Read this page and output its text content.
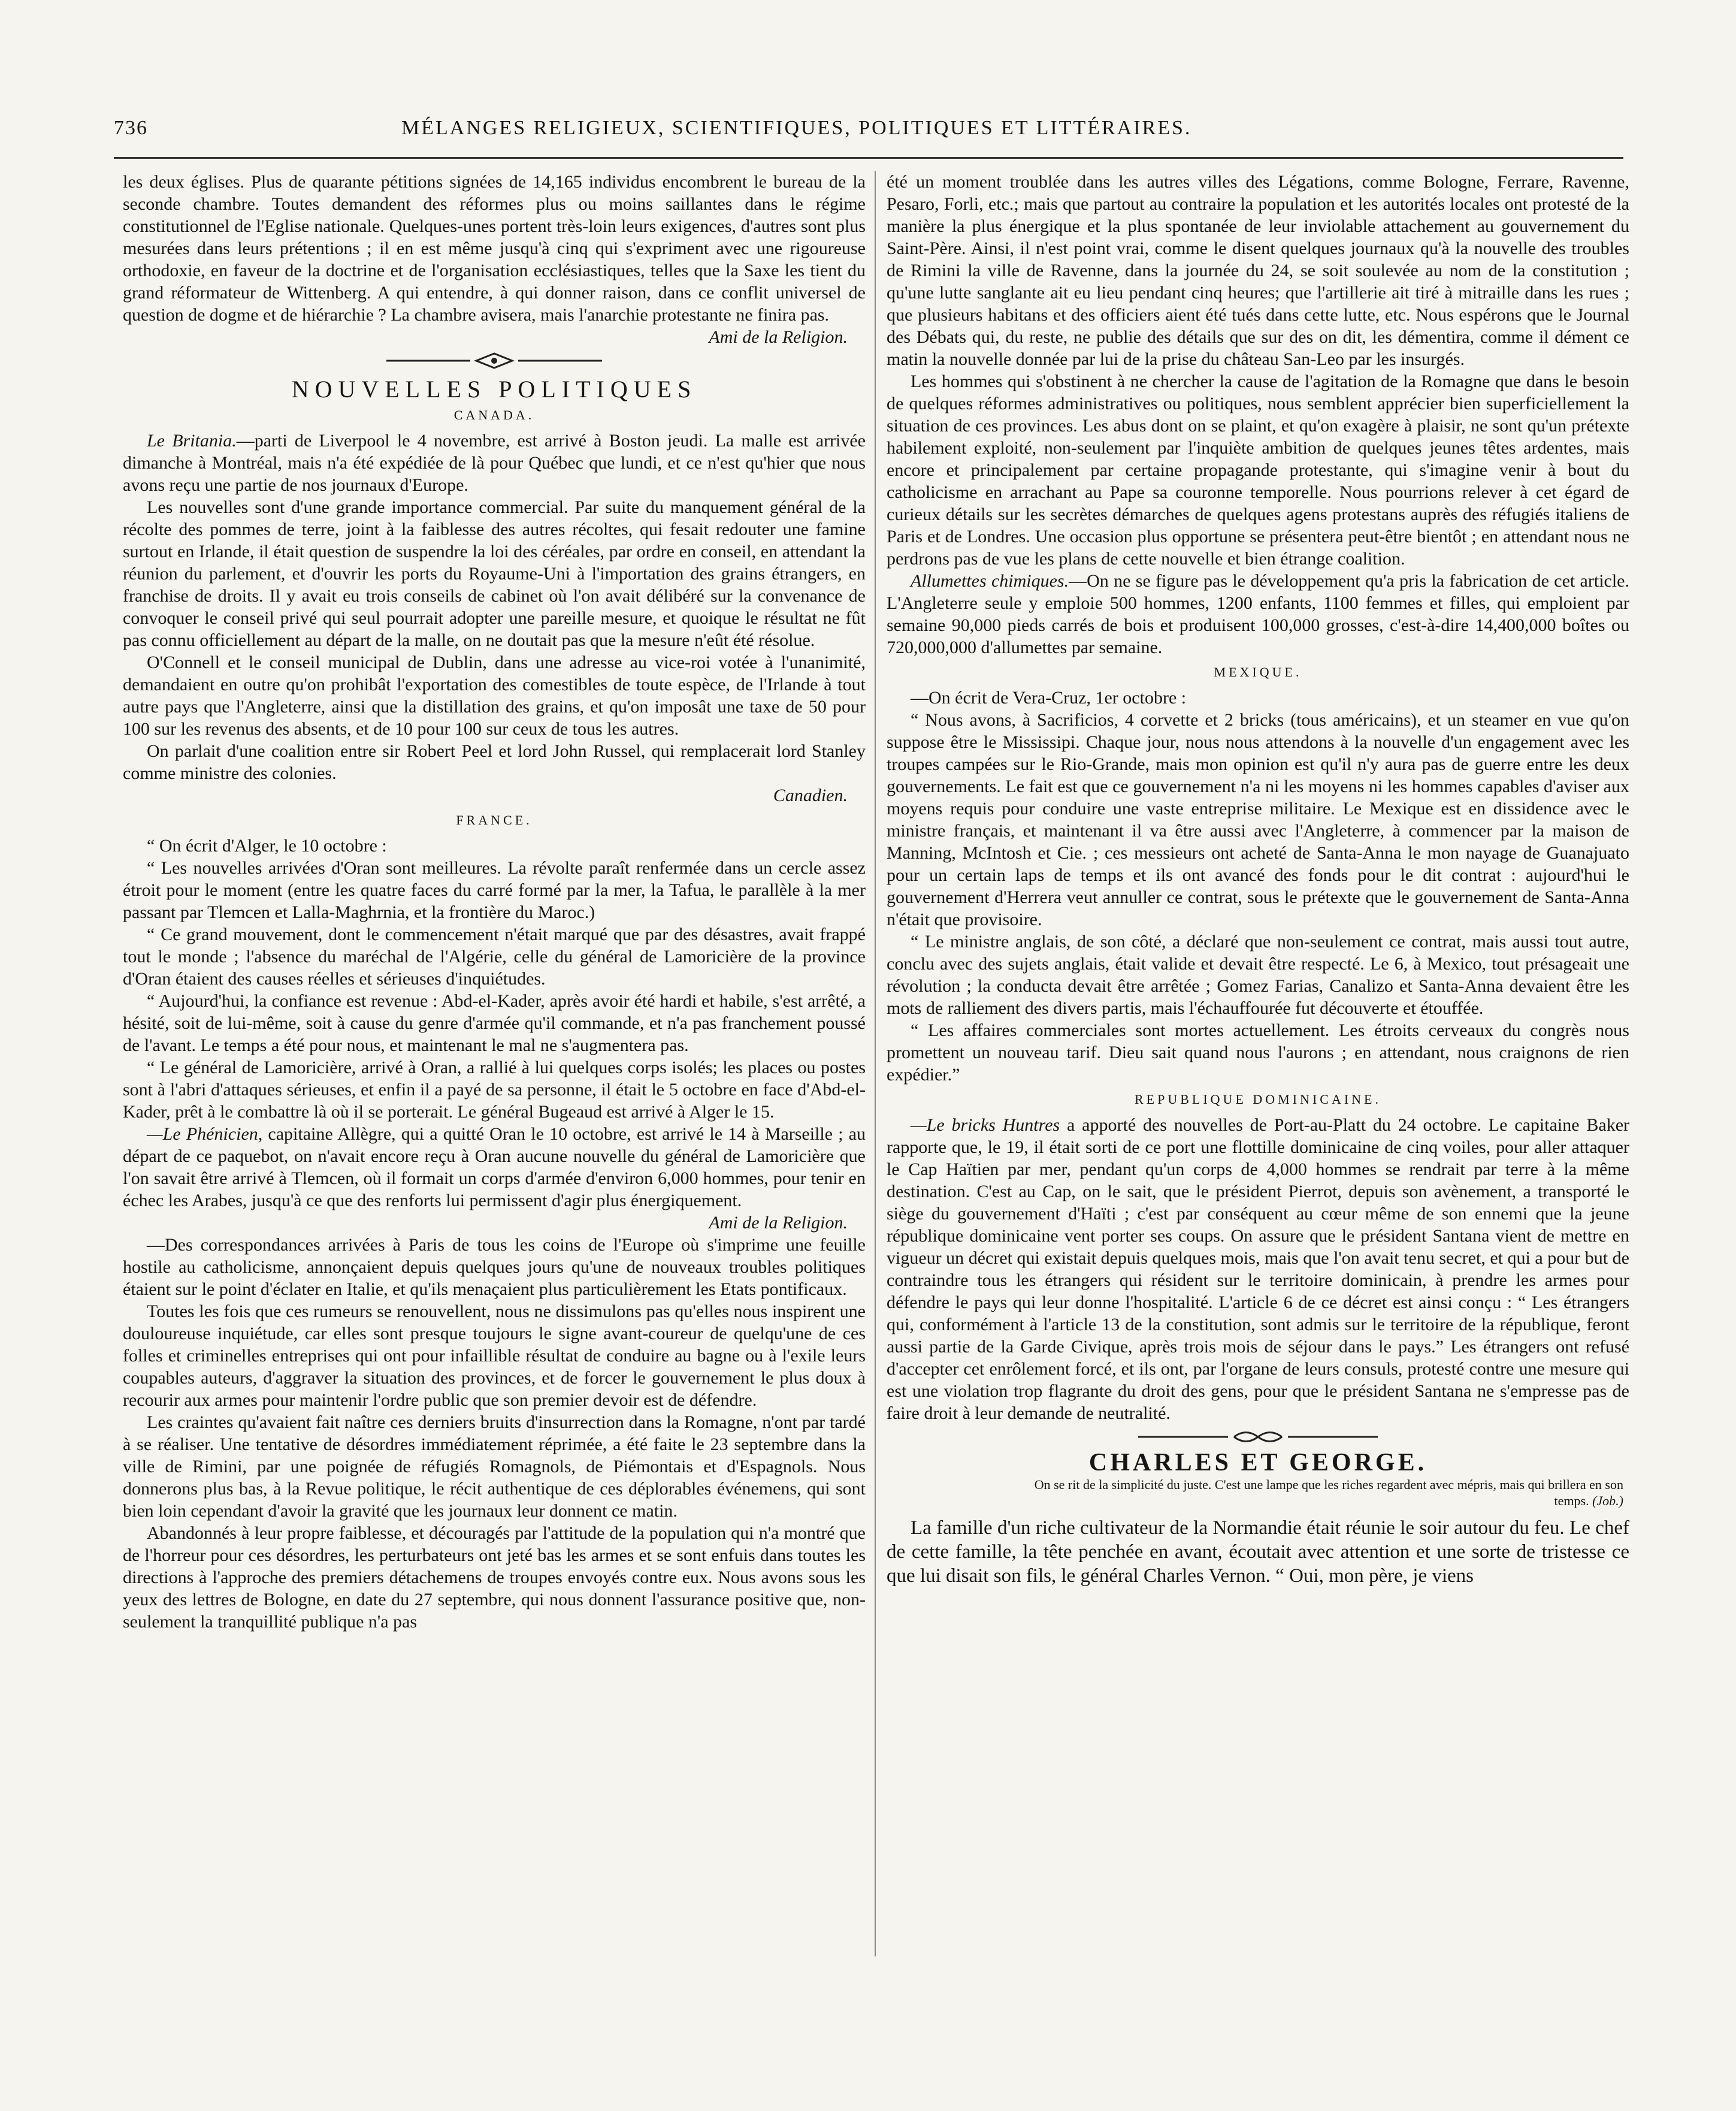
736	MÉLANGES RELIGIEUX, SCIENTIFIQUES, POLITIQUES ET LITTÉRAIRES.

les deux églises. Plus de quarante pétitions signées de 14,165 individus encombrent le bureau de la seconde chambre. Toutes demandent des réformes plus ou moins saillantes dans le régime constitutionnel de l'Eglise nationale. Quelques-unes portent très-loin leurs exigences, d'autres sont plus mesurées dans leurs prétentions ; il en est même jusqu'à cinq qui s'expriment avec une rigoureuse orthodoxie, en faveur de la doctrine et de l'organisation ecclésiastiques, telles que la Saxe les tient du grand réformateur de Wittenberg. A qui entendre, à qui donner raison, dans ce conflit universel de question de dogme et de hiérarchie ? La chambre avisera, mais l'anarchie protestante ne finira pas.
Ami de la Religion.

NOUVELLES POLITIQUES
CANADA.

Le Britania.—parti de Liverpool le 4 novembre, est arrivé à Boston jeudi. La malle est arrivée dimanche à Montréal, mais n'a été expédiée de là pour Québec que lundi, et ce n'est qu'hier que nous avons reçu une partie de nos journaux d'Europe.

Les nouvelles sont d'une grande importance commercial. Par suite du manquement général de la récolte des pommes de terre, joint à la faiblesse des autres récoltes, qui fesait redouter une famine surtout en Irlande, il était question de suspendre la loi des céréales, par ordre en conseil, en attendant la réunion du parlement, et d'ouvrir les ports du Royaume-Uni à l'importation des grains étrangers, en franchise de droits. Il y avait eu trois conseils de cabinet où l'on avait délibéré sur la convenance de convoquer le conseil privé qui seul pourrait adopter une pareille mesure, et quoique le résultat ne fût pas connu officiellement au départ de la malle, on ne doutait pas que la mesure n'eût été résolue.

O'Connell et le conseil municipal de Dublin, dans une adresse au vice-roi votée à l'unanimité, demandaient en outre qu'on prohibât l'exportation des comestibles de toute espèce, de l'Irlande à tout autre pays que l'Angleterre, ainsi que la distillation des grains, et qu'on imposât une taxe de 50 pour 100 sur les revenus des absents, et de 10 pour 100 sur ceux de tous les autres.

On parlait d'une coalition entre sir Robert Peel et lord John Russel, qui remplacerait lord Stanley comme ministre des colonies.
Canadien.

FRANCE.

“ On écrit d'Alger, le 10 octobre :

“ Les nouvelles arrivées d'Oran sont meilleures. La révolte paraît renfermée dans un cercle assez étroit pour le moment (entre les quatre faces du carré formé par la mer, la Tafua, le parallèle à la mer passant par Tlemcen et Lalla-Maghrnia, et la frontière du Maroc.)

“ Ce grand mouvement, dont le commencement n'était marqué que par des désastres, avait frappé tout le monde ; l'absence du maréchal de l'Algérie, celle du général de Lamoricière de la province d'Oran étaient des causes réelles et sérieuses d'inquiétudes.

“ Aujourd'hui, la confiance est revenue : Abd-el-Kader, après avoir été hardi et habile, s'est arrêté, a hésité, soit de lui-même, soit à cause du genre d'armée qu'il commande, et n'a pas franchement poussé de l'avant. Le temps a été pour nous, et maintenant le mal ne s'augmentera pas.

“ Le général de Lamoricière, arrivé à Oran, a rallié à lui quelques corps isolés; les places ou postes sont à l'abri d'attaques sérieuses, et enfin il a payé de sa personne, il était le 5 octobre en face d'Abd-el-Kader, prêt à le combattre là où il se porterait. Le général Bugeaud est arrivé à Alger le 15.

—Le Phénicien, capitaine Allègre, qui a quitté Oran le 10 octobre, est arrivé le 14 à Marseille ; au départ de ce paquebot, on n'avait encore reçu à Oran aucune nouvelle du général de Lamoricière que l'on savait être arrivé à Tlemcen, où il formait un corps d'armée d'environ 6,000 hommes, pour tenir en échec les Arabes, jusqu'à ce que des renforts lui permissent d'agir plus énergiquement.
Ami de la Religion.

—Des correspondances arrivées à Paris de tous les coins de l'Europe où s'imprime une feuille hostile au catholicisme, annonçaient depuis quelques jours qu'une de nouveaux troubles politiques étaient sur le point d'éclater en Italie, et qu'ils menaçaient plus particulièrement les Etats pontificaux.

Toutes les fois que ces rumeurs se renouvellent, nous ne dissimulons pas qu'elles nous inspirent une douloureuse inquiétude, car elles sont presque toujours le signe avant-coureur de quelqu'une de ces folles et criminelles entreprises qui ont pour infaillible résultat de conduire au bagne ou à l'exile leurs coupables auteurs, d'aggraver la situation des provinces, et de forcer le gouvernement le plus doux à recourir aux armes pour maintenir l'ordre public que son premier devoir est de défendre.

Les craintes qu'avaient fait naître ces derniers bruits d'insurrection dans la Romagne, n'ont par tardé à se réaliser. Une tentative de désordres immédiatement réprimée, a été faite le 23 septembre dans la ville de Rimini, par une poignée de réfugiés Romagnols, de Piémontais et d'Espagnols. Nous donnerons plus bas, à la Revue politique, le récit authentique de ces déplorables événemens, qui sont bien loin cependant d'avoir la gravité que les journaux leur donnent ce matin.

Abandonnés à leur propre faiblesse, et découragés par l'attitude de la population qui n'a montré que de l'horreur pour ces désordres, les perturbateurs ont jeté bas les armes et se sont enfuis dans toutes les directions à l'approche des premiers détachemens de troupes envoyés contre eux. Nous avons sous les yeux des lettres de Bologne, en date du 27 septembre, qui nous donnent l'assurance positive que, non-seulement la tranquillité publique n'a pas

été un moment troublée dans les autres villes des Légations, comme Bologne, Ferrare, Ravenne, Pesaro, Forli, etc.; mais que partout au contraire la population et les autorités locales ont protesté de la manière la plus énergique et la plus spontanée de leur inviolable attachement au gouvernement du Saint-Père. Ainsi, il n'est point vrai, comme le disent quelques journaux qu'à la nouvelle des troubles de Rimini la ville de Ravenne, dans la journée du 24, se soit soulevée au nom de la constitution ; qu'une lutte sanglante ait eu lieu pendant cinq heures; que l'artillerie ait tiré à mitraille dans les rues ; que plusieurs habitans et des officiers aient été tués dans cette lutte, etc. Nous espérons que le Journal des Débats qui, du reste, ne publie des détails que sur des on dit, les démentira, comme il dément ce matin la nouvelle donnée par lui de la prise du château San-Leo par les insurgés.

Les hommes qui s'obstinent à ne chercher la cause de l'agitation de la Romagne que dans le besoin de quelques réformes administratives ou politiques, nous semblent apprécier bien superficiellement la situation de ces provinces. Les abus dont on se plaint, et qu'on exagère à plaisir, ne sont qu'un prétexte habilement exploité, non-seulement par l'inquiète ambition de quelques jeunes têtes ardentes, mais encore et principalement par certaine propagande protestante, qui s'imagine venir à bout du catholicisme en arrachant au Pape sa couronne temporelle. Nous pourrions relever à cet égard de curieux détails sur les secrètes démarches de quelques agens protestans auprès des réfugiés italiens de Paris et de Londres. Une occasion plus opportune se présentera peut-être bientôt ; en attendant nous ne perdrons pas de vue les plans de cette nouvelle et bien étrange coalition.

Allumettes chimiques.—On ne se figure pas le développement qu'a pris la fabrication de cet article. L'Angleterre seule y emploie 500 hommes, 1200 enfants, 1100 femmes et filles, qui emploient par semaine 90,000 pieds carrés de bois et produisent 100,000 grosses, c'est-à-dire 14,400,000 boîtes ou 720,000,000 d'allumettes par semaine.

MEXIQUE.

—On écrit de Vera-Cruz, 1er octobre :

“ Nous avons, à Sacrificios, 4 corvette et 2 bricks (tous américains), et un steamer en vue qu'on suppose être le Mississipi. Chaque jour, nous nous attendons à la nouvelle d'un engagement avec les troupes campées sur le Rio-Grande, mais mon opinion est qu'il n'y aura pas de guerre entre les deux gouvernements. Le fait est que ce gouvernement n'a ni les moyens ni les hommes capables d'aviser aux moyens requis pour conduire une vaste entreprise militaire. Le Mexique est en dissidence avec le ministre français, et maintenant il va être aussi avec l'Angleterre, à commencer par la maison de Manning, McIntosh et Cie. ; ces messieurs ont acheté de Santa-Anna le mon nayage de Guanajuato pour un certain laps de temps et ils ont avancé des fonds pour le dit contrat : aujourd'hui le gouvernement d'Herrera veut annuller ce contrat, sous le prétexte que le gouvernement de Santa-Anna n'était que provisoire.

“ Le ministre anglais, de son côté, a déclaré que non-seulement ce contrat, mais aussi tout autre, conclu avec des sujets anglais, était valide et devait être respecté. Le 6, à Mexico, tout présageait une révolution ; la conducta devait être arrêtée ; Gomez Farias, Canalizo et Santa-Anna devaient être les mots de ralliement des divers partis, mais l'échauffourée fut découverte et étouffée.

“ Les affaires commerciales sont mortes actuellement. Les étroits cerveaux du congrès nous promettent un nouveau tarif. Dieu sait quand nous l'aurons ; en attendant, nous craignons de rien expédier.”

REPUBLIQUE DOMINICAINE.

—Le bricks Huntres a apporté des nouvelles de Port-au-Platt du 24 octobre. Le capitaine Baker rapporte que, le 19, il était sorti de ce port une flottille dominicaine de cinq voiles, pour aller attaquer le Cap Haïtien par mer, pendant qu'un corps de 4,000 hommes se rendrait par terre à la même destination. C'est au Cap, on le sait, que le président Pierrot, depuis son avènement, a transporté le siège du gouvernement d'Haïti ; c'est par conséquent au cœur même de son ennemi que la jeune république dominicaine vent porter ses coups. On assure que le président Santana vient de mettre en vigueur un décret qui existait depuis quelques mois, mais que l'on avait tenu secret, et qui a pour but de contraindre tous les étrangers qui résident sur le territoire dominicain, à prendre les armes pour défendre le pays qui leur donne l'hospitalité. L'article 6 de ce décret est ainsi conçu : “ Les étrangers qui, conformément à l'article 13 de la constitution, sont admis sur le territoire de la république, feront aussi partie de la Garde Civique, après trois mois de séjour dans le pays.” Les étrangers ont refusé d'accepter cet enrôlement forcé, et ils ont, par l'organe de leurs consuls, protesté contre une mesure qui est une violation trop flagrante du droit des gens, pour que le président Santana ne s'empresse pas de faire droit à leur demande de neutralité.

CHARLES ET GEORGE.
On se rit de la simplicité du juste. C'est une lampe que les riches regardent avec mépris, mais qui brillera en son temps. (Job.)

La famille d'un riche cultivateur de la Normandie était réunie le soir autour du feu. Le chef de cette famille, la tête penchée en avant, écoutait avec attention et une sorte de tristesse ce que lui disait son fils, le général Charles Vernon. “ Oui, mon père, je viens
